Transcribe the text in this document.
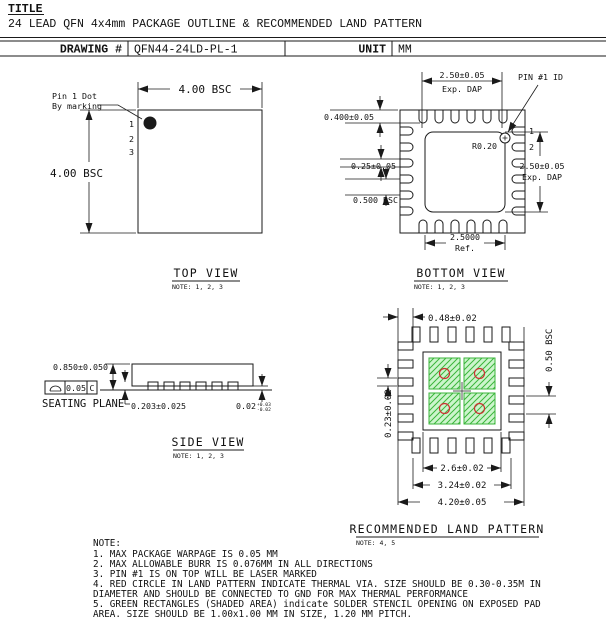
TITLE
24 LEAD QFN 4x4mm PACKAGE OUTLINE & RECOMMENDED LAND PATTERN
DRAWING # QFN44-24LD-PL-1	UNIT MM
1
2
3
Pin 1 Dot
By marking
4.00 BSC
4.00 BSC
TOP VIEW
NOTE: 1, 2, 3
1
2
2.50±0.05
Exp. DAP
PIN #1 ID
R0.20
0.400±0.05
0.25±0.05
0.500 BSC
2.50±0.05
Exp. DAP
2.5000
Ref.
BOTTOM VIEW
NOTE: 1, 2, 3
0.850±0.050
0.05 C
SEATING PLANE 0.203±0.025	0.02 +0.03
-0.02
SIDE VIEW
NOTE: 1, 2, 3
0.48±0.02
0.23±0.02
0.50 BSC
2.6±0.02
3.24±0.02
4.20±0.05
RECOMMENDED LAND PATTERN
NOTE: 4, 5
NOTE:
1. MAX PACKAGE WARPAGE IS 0.05 MM
2. MAX ALLOWABLE BURR IS 0.076MM IN ALL DIRECTIONS
3. PIN #1 IS ON TOP WILL BE LASER MARKED
4. RED CIRCLE IN LAND PATTERN INDICATE THERMAL VIA. SIZE SHOULD BE 0.30-0.35M IN
DIAMETER AND SHOULD BE CONNECTED TO GND FOR MAX THERMAL PERFORMANCE
5. GREEN RECTANGLES (SHADED AREA) indicate SOLDER STENCIL OPENING ON EXPOSED PAD
AREA. SIZE SHOULD BE 1.00x1.00 MM IN SIZE, 1.20 MM PITCH.
